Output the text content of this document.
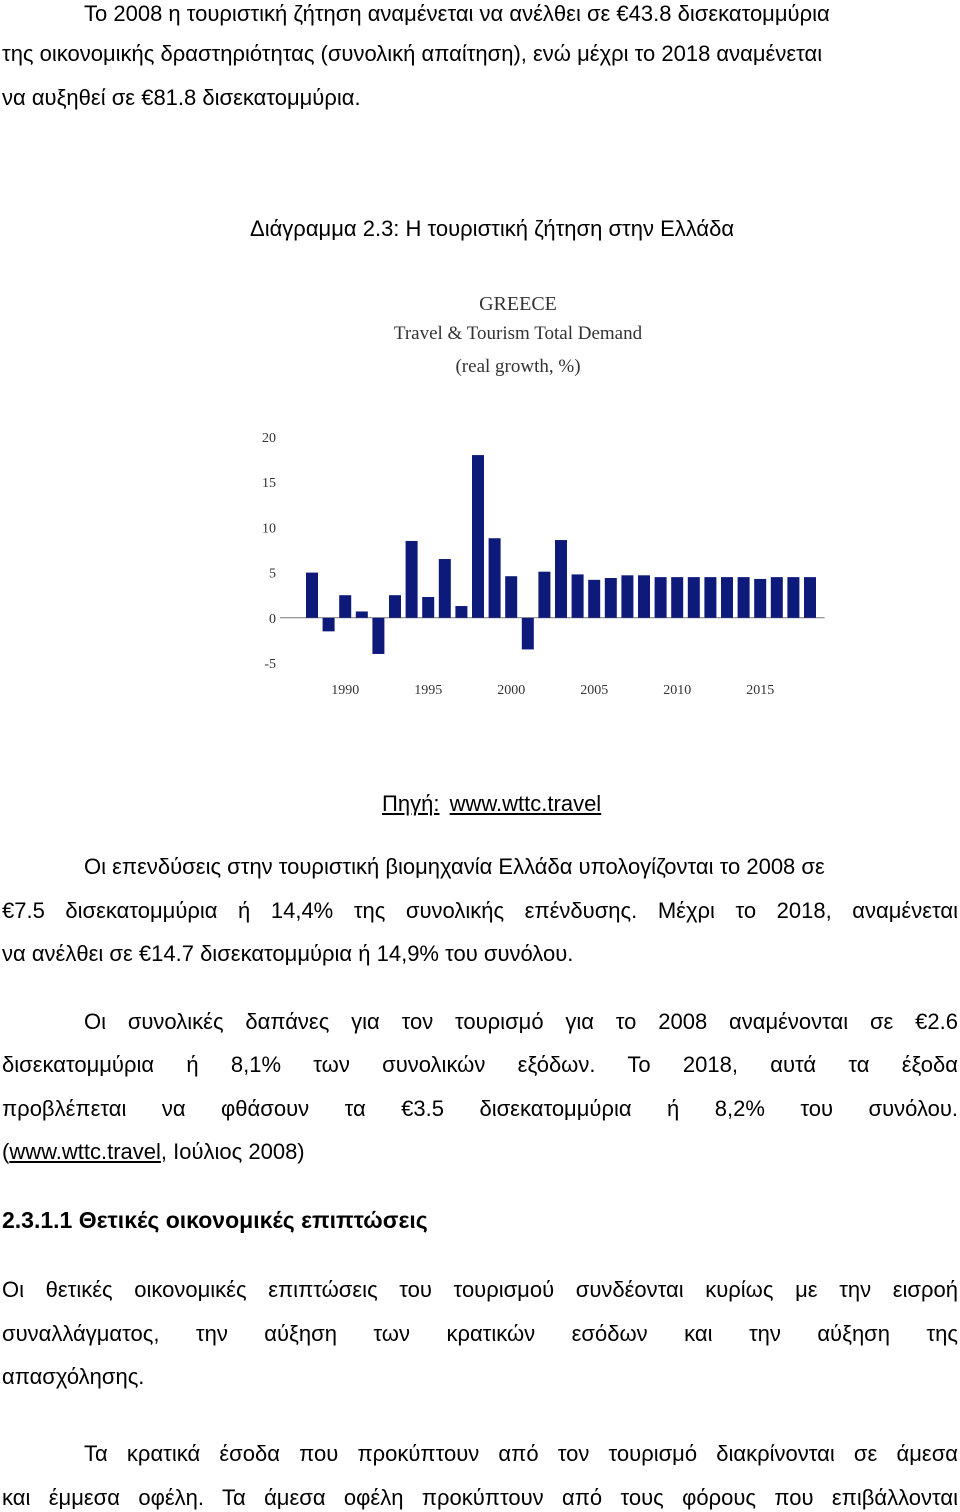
Το 2008 η τουριστική ζήτηση αναμένεται να ανέλθει σε €43.8 δισεκατομμύρια
της οικονομικής δραστηριότητας (συνολική απαίτηση), ενώ μέχρι το 2018 αναμένεται
να αυξηθεί σε €81.8 δισεκατομμύρια.
Διάγραμμα 2.3: Η τουριστική ζήτηση στην Ελλάδα
GREECE
Travel & Tourism Total Demand
(real growth, %)
20
15
10
5
0
-5
1990	1995	2000	2005	2010	2015
Πηγή: www.wttc.travel
Οι επενδύσεις στην τουριστική βιομηχανία Ελλάδα υπολογίζονται το 2008 σε
€7.5 δισεκατομμύρια ή 14,4% της συνολικής επένδυσης. Μέχρι το 2018, αναμένεται
να ανέλθει σε €14.7 δισεκατομμύρια ή 14,9% του συνόλου.
Οι συνολικές δαπάνες για τον τουρισμό για το 2008 αναμένονται σε €2.6
δισεκατομμύρια ή 8,1% των συνολικών εξόδων. Το 2018, αυτά τα έξοδα
προβλέπεται να φθάσουν τα €3.5 δισεκατομμύρια ή 8,2% του συνόλου.
(www.wttc.travel, Ιούλιος 2008)
2.3.1.1 Θετικές οικονομικές επιπτώσεις
Οι θετικές οικονομικές επιπτώσεις του τουρισμού συνδέονται κυρίως με την εισροή
συναλλάγματος, την αύξηση των κρατικών εσόδων και την αύξηση της
απασχόλησης.
Τα κρατικά έσοδα που προκύπτουν από τον τουρισμό διακρίνονται σε άμεσα
και έμμεσα οφέλη. Τα άμεσα οφέλη προκύπτουν από τους φόρους που επιβάλλονται
